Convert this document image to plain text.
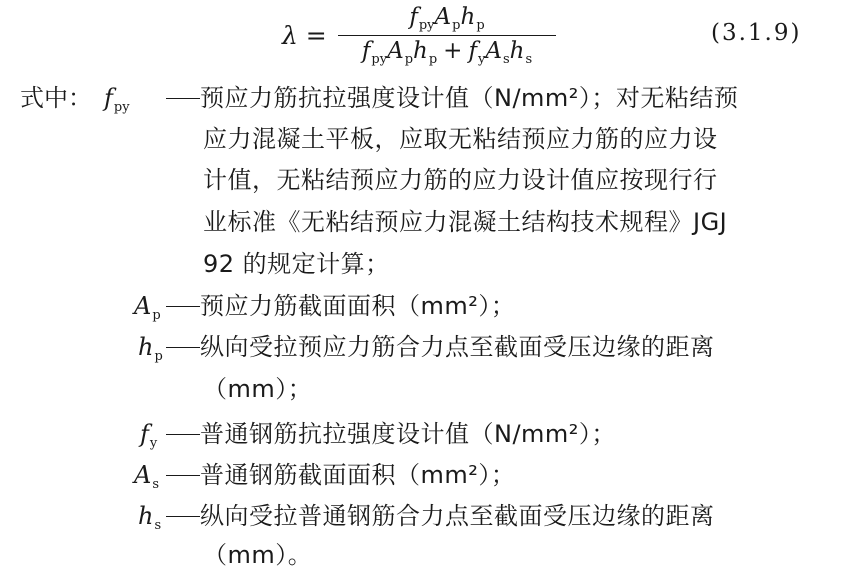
λ =
$f_{py}A_ph_p$
$f_{py}A_ph_p + f_yA_sh_s$
(3.1.9)
式中： $f_{py}$	预应力筋抗拉强度设计值（N/mm²）；对无粘结预
应力混凝土平板，应取无粘结预应力筋的应力设
计值，无粘结预应力筋的应力设计值应按现行行
业标准《无粘结预应力混凝土结构技术规程》JGJ
92 的规定计算；
$A_p$ 预应力筋截面面积（mm²）；
$h_p$ 纵向受拉预应力筋合力点至截面受压边缘的距离
（mm）；
$f_y$ 普通钢筋抗拉强度设计值（N/mm²）；
$A_s$ 普通钢筋截面面积（mm²）；
$h_s$ 纵向受拉普通钢筋合力点至截面受压边缘的距离
（mm）。
